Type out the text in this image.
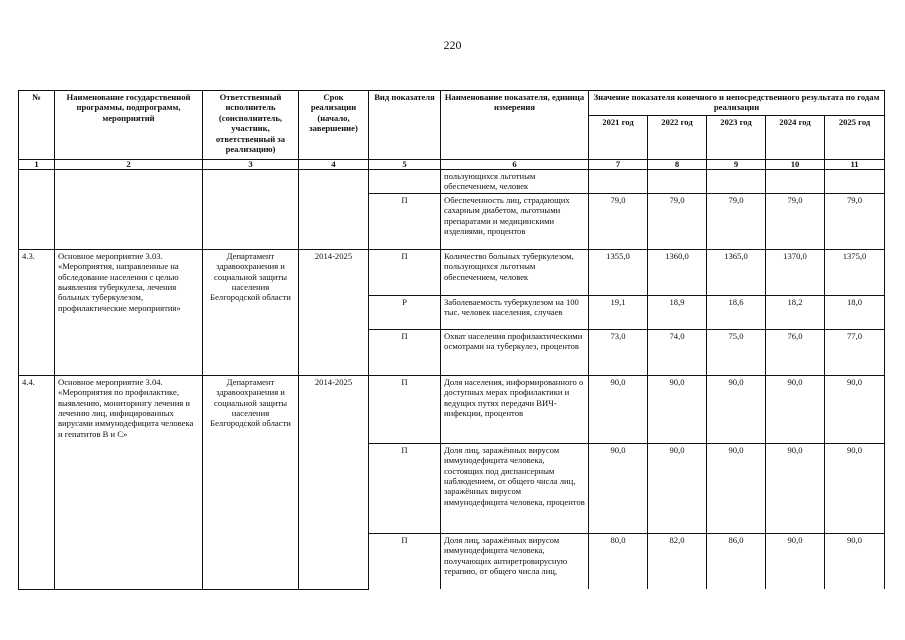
220
№	Наименование государственной программы, подпрограмм, мероприятий	Ответственный исполнитель (соисполнитель, участник, ответственный за реализацию)	Срок реализации (начало, завершение)	Вид показателя	Наименование показателя, единица измерения	Значение показателя конечного и непосредственного результата по годам реализации				
						2021 год	2022 год	2023 год	2024 год	2025 год
1	2	3	4	5	6	7	8	9	10	11
					пользующихся льготным обеспечением, человек					
				П	Обеспеченность лиц, страдающих сахарным диабетом, льготными препаратами и медицинскими изделиями, процентов	79,0	79,0	79,0	79,0	79,0
4.3.	Основное мероприятие 3.03. «Мероприятия, направленные на обследование населения с целью выявления туберкулеза, лечения больных туберкулезом, профилактические мероприятия»	Департамент здравоохранения и социальной защиты населения Белгородской области	2014-2025	П	Количество больных туберкулезом, пользующихся льготным обеспечением, человек	1355,0	1360,0	1365,0	1370,0	1375,0
				Р	Заболеваемость туберкулезом на 100 тыс. человек населения, случаев	19,1	18,9	18,6	18,2	18,0
				П	Охват населения профилактическими осмотрами на туберкулез, процентов	73,0	74,0	75,0	76,0	77,0
4.4.	Основное мероприятие 3.04. «Мероприятия по профилактике, выявлению, мониторингу лечения и лечению лиц, инфицированных вирусами иммунодефицита человека и гепатитов В и С»	Департамент здравоохранения и социальной защиты населения Белгородской области	2014-2025	П	Доля населения, информированного о доступных мерах профилактики и ведущих путях передачи ВИЧ-инфекции, процентов	90,0	90,0	90,0	90,0	90,0
				П	Доля лиц, заражённых вирусом иммунодефицита человека, состоящих под диспансерным наблюдением, от общего числа лиц, заражённых вирусом иммунодефицита человека, процентов	90,0	90,0	90,0	90,0	90,0
				П	Доля лиц, заражённых вирусом иммунодефицита человека, получающих антиретровирусную терапию, от общего числа лиц,	80,0	82,0	86,0	90,0	90,0
